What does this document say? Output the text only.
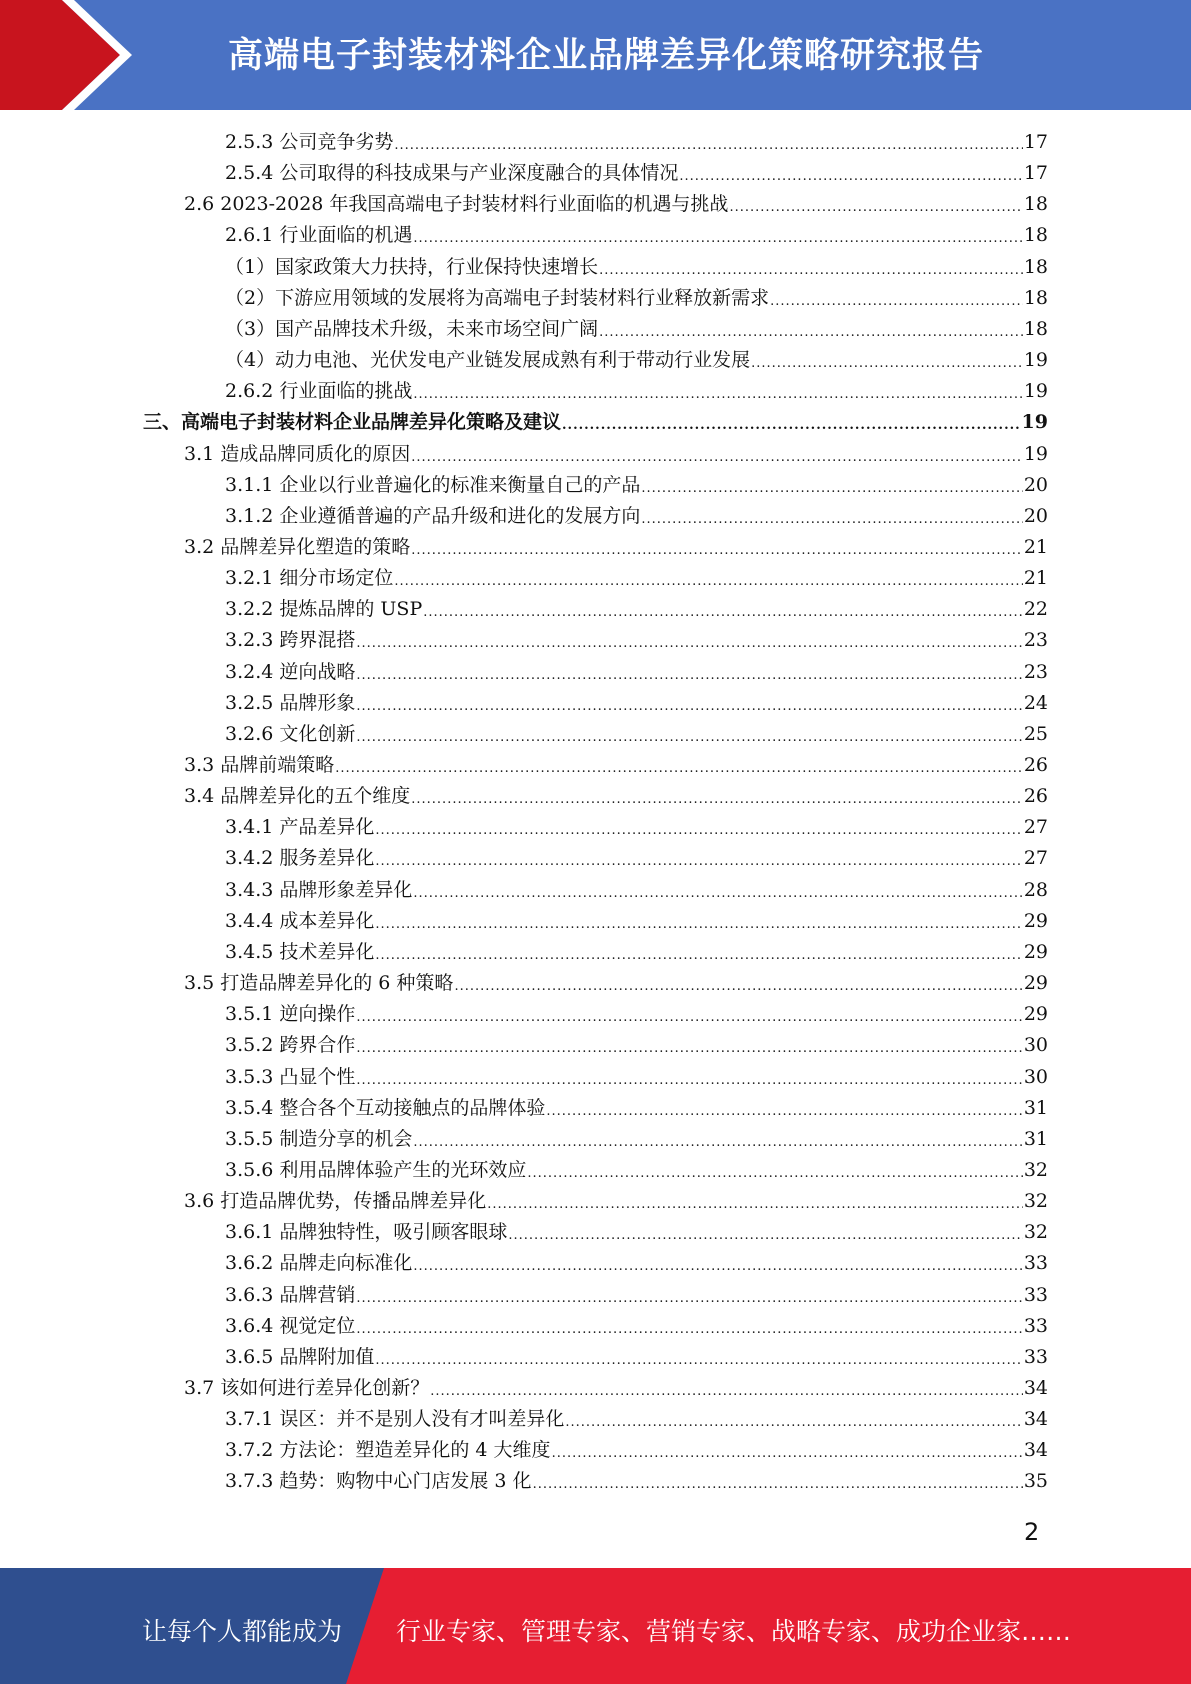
高端电子封装材料企业品牌差异化策略研究报告
2.5.3 公司竞争劣势 .....	17
2.5.4 公司取得的科技成果与产业深度融合的具体情况 .....	17
2.6 2023-2028 年我国高端电子封装材料行业面临的机遇与挑战 .....	18
2.6.1 行业面临的机遇 .....	18
（1）国家政策大力扶持，行业保持快速增长 .....	18
（2）下游应用领域的发展将为高端电子封装材料行业释放新需求 .....	18
（3）国产品牌技术升级，未来市场空间广阔 .....	18
（4）动力电池、光伏发电产业链发展成熟有利于带动行业发展 .....	19
2.6.2 行业面临的挑战 .....	19
三、高端电子封装材料企业品牌差异化策略及建议 .....	19
3.1 造成品牌同质化的原因 .....	19
3.1.1 企业以行业普遍化的标准来衡量自己的产品 .....	20
3.1.2 企业遵循普遍的产品升级和进化的发展方向 .....	20
3.2 品牌差异化塑造的策略 .....	21
3.2.1 细分市场定位 .....	21
3.2.2 提炼品牌的 USP .....	22
3.2.3 跨界混搭 .....	23
3.2.4 逆向战略 .....	23
3.2.5 品牌形象 .....	24
3.2.6 文化创新 .....	25
3.3 品牌前端策略 .....	26
3.4 品牌差异化的五个维度 .....	26
3.4.1 产品差异化 .....	27
3.4.2 服务差异化 .....	27
3.4.3 品牌形象差异化 .....	28
3.4.4 成本差异化 .....	29
3.4.5 技术差异化 .....	29
3.5 打造品牌差异化的 6 种策略 .....	29
3.5.1 逆向操作 .....	29
3.5.2 跨界合作 .....	30
3.5.3 凸显个性 .....	30
3.5.4 整合各个互动接触点的品牌体验 .....	31
3.5.5 制造分享的机会 .....	31
3.5.6 利用品牌体验产生的光环效应 .....	32
3.6 打造品牌优势，传播品牌差异化 .....	32
3.6.1 品牌独特性，吸引顾客眼球 .....	32
3.6.2 品牌走向标准化 .....	33
3.6.3 品牌营销 .....	33
3.6.4 视觉定位 .....	33
3.6.5 品牌附加值 .....	33
3.7 该如何进行差异化创新？ .....	34
3.7.1 误区：并不是别人没有才叫差异化 .....	34
3.7.2 方法论：塑造差异化的 4 大维度 .....	34
3.7.3 趋势：购物中心门店发展 3 化 .....	35
2
让每个人都能成为 行业专家、管理专家、营销专家、战略专家、成功企业家……
